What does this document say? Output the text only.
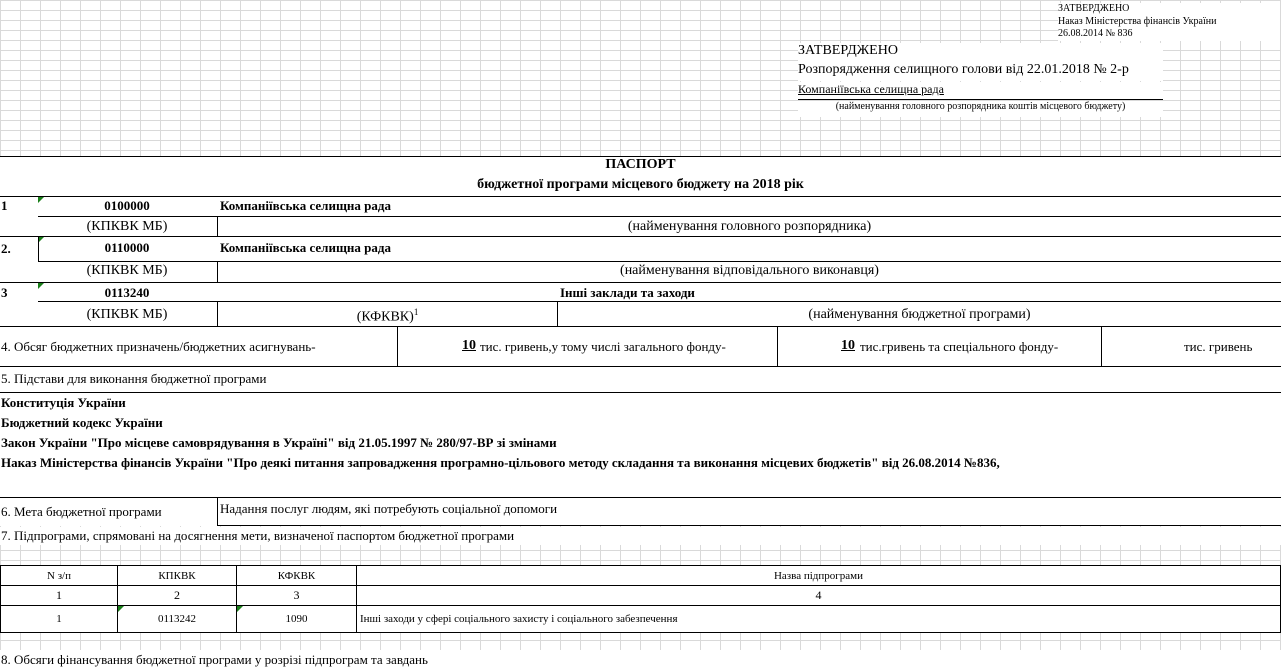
ЗАТВЕРДЖЕНО
Наказ Міністерства фінансів України
26.08.2014 № 836
ЗАТВЕРДЖЕНО
Розпорядження селищного голови від 22.01.2018 № 2-р
Компаніївська селищна рада
(найменування головного розпорядника коштів місцевого бюджету)
ПАСПОРТ
бюджетної програми місцевого бюджету на 2018 рік
1	0100000	Компаніївська селищна рада
(КПКВК МБ)	(найменування головного розпорядника)
2.	0110000	Компаніївська селищна рада
(КПКВК МБ)	(найменування відповідального виконавця)
3	0113240	Інші заклади та заходи
(КПКВК МБ)	(КФКВК)$^1$	(найменування бюджетної програми)
4. Обсяг бюджетних призначень/бюджетних асигнувань-	10 тис. гривень,у тому числі загального фонду-	10 тис.гривень та спеціального фонду-	тис. гривень
5. Підстави для виконання бюджетної програми
Конституція України
Бюджетний кодекс України
Закон України "Про місцеве самоврядування в Україні" від 21.05.1997 № 280/97-ВР зі змінами
Наказ Міністерства фінансів України "Про деякі питання запровадження програмно-цільового методу складання та виконання місцевих бюджетів" від 26.08.2014 №836,
6. Мета бюджетної програми	Надання послуг людям, які потребують соціальної допомоги
7. Підпрограми, спрямовані на досягнення мети, визначеної паспортом бюджетної програми
N з/п	КПКВК	КФКВК	Назва підпрограми
1	2	3	4
1	0113242	1090	Інші заходи у сфері соціального захисту і соціального забезпечення
8. Обсяги фінансування бюджетної програми у розрізі підпрограм та завдань
